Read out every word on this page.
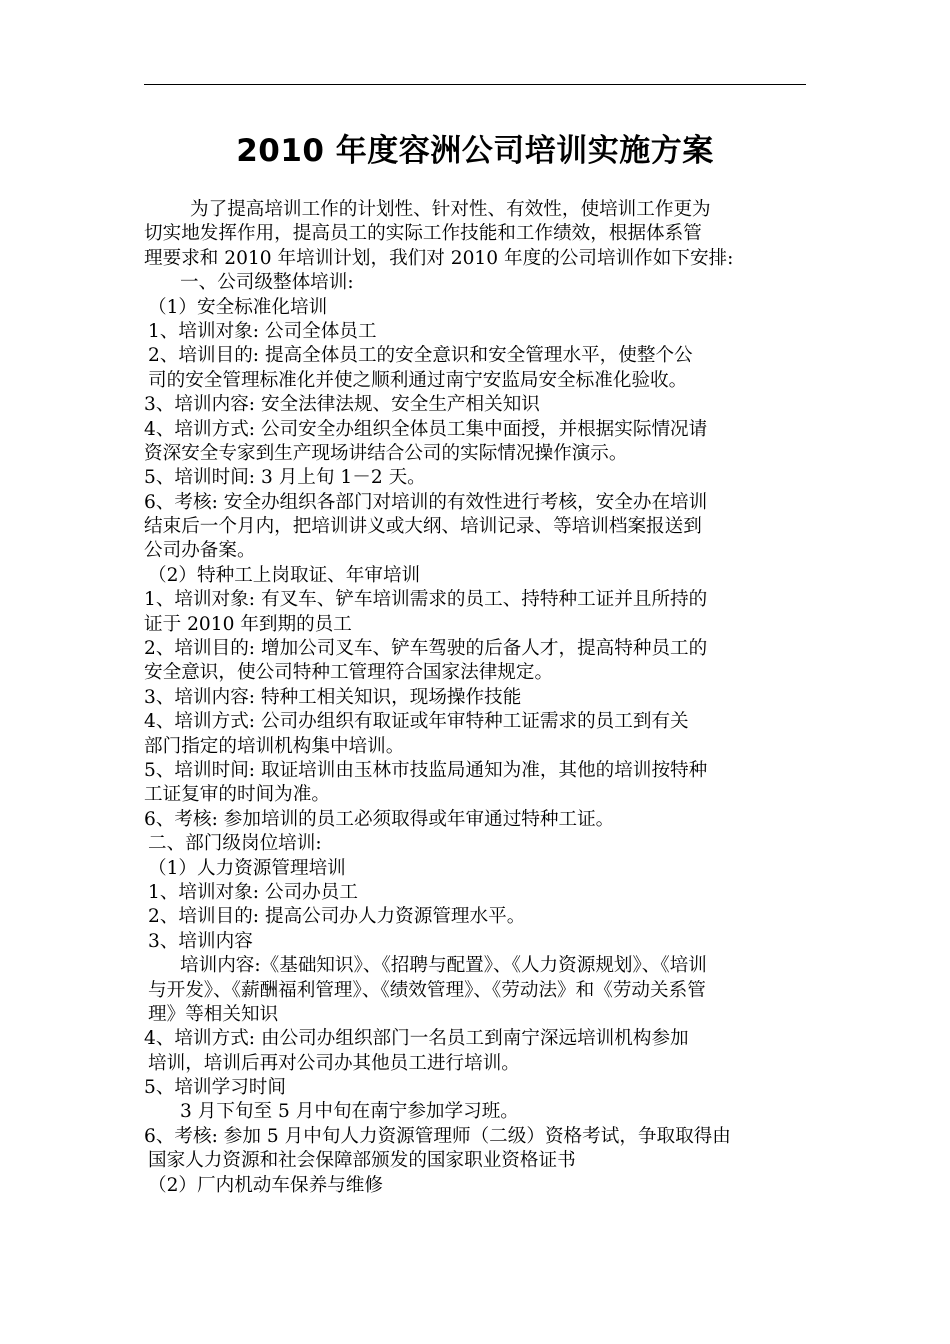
2010 年度容洲公司培训实施方案
为了提高培训工作的计划性、针对性、有效性，使培训工作更为
切实地发挥作用，提高员工的实际工作技能和工作绩效，根据体系管
理要求和 2010 年培训计划，我们对 2010 年度的公司培训作如下安排:
一、公司级整体培训:
（1）安全标准化培训
1、培训对象: 公司全体员工
2、培训目的: 提高全体员工的安全意识和安全管理水平，使整个公
司的安全管理标准化并使之顺利通过南宁安监局安全标准化验收。
3、培训内容: 安全法律法规、安全生产相关知识
4、培训方式: 公司安全办组织全体员工集中面授，并根据实际情况请
资深安全专家到生产现场讲结合公司的实际情况操作演示。
5、培训时间: 3 月上旬 1－2 天。
6、考核: 安全办组织各部门对培训的有效性进行考核，安全办在培训
结束后一个月内，把培训讲义或大纲、培训记录、等培训档案报送到
公司办备案。
（2）特种工上岗取证、年审培训
1、培训对象: 有叉车、铲车培训需求的员工、持特种工证并且所持的
证于 2010 年到期的员工
2、培训目的: 增加公司叉车、铲车驾驶的后备人才，提高特种员工的
安全意识，使公司特种工管理符合国家法律规定。
3、培训内容: 特种工相关知识，现场操作技能
4、培训方式: 公司办组织有取证或年审特种工证需求的员工到有关
部门指定的培训机构集中培训。
5、培训时间: 取证培训由玉林市技监局通知为准，其他的培训按特种
工证复审的时间为准。
6、考核: 参加培训的员工必须取得或年审通过特种工证。
二、部门级岗位培训:
（1）人力资源管理培训
1、培训对象: 公司办员工
2、培训目的: 提高公司办人力资源管理水平。
3、培训内容
培训内容:《基础知识》、《招聘与配置》、《人力资源规划》、《培训
与开发》、《薪酬福利管理》、《绩效管理》、《劳动法》和《劳动关系管
理》等相关知识
4、培训方式: 由公司办组织部门一名员工到南宁深远培训机构参加
培训，培训后再对公司办其他员工进行培训。
5、培训学习时间
3 月下旬至 5 月中旬在南宁参加学习班。
6、考核: 参加 5 月中旬人力资源管理师（二级）资格考试，争取取得由
国家人力资源和社会保障部颁发的国家职业资格证书
（2）厂内机动车保养与维修
